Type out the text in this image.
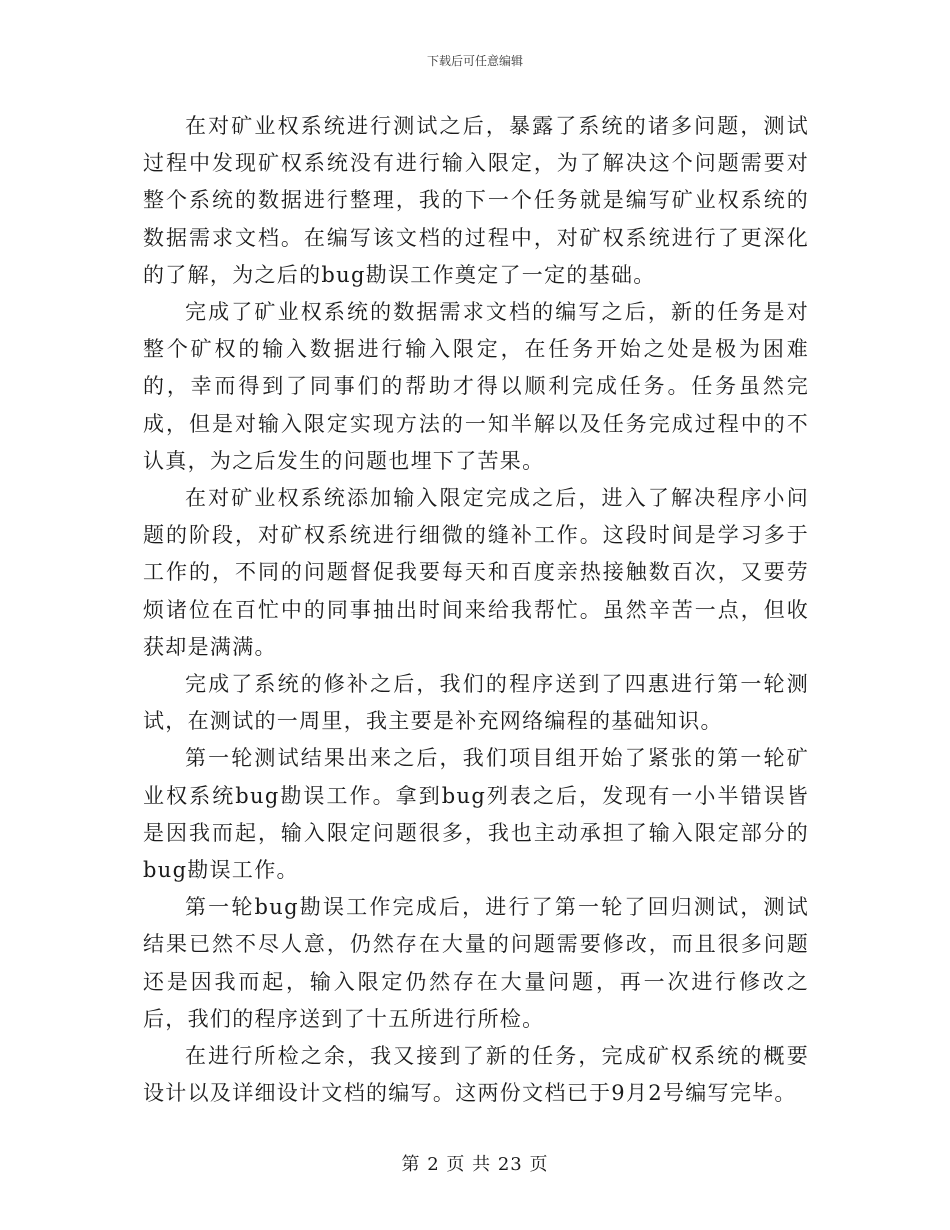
下载后可任意编辑

在对矿业权系统进行测试之后，暴露了系统的诸多问题，测试过程中发现矿权系统没有进行输入限定，为了解决这个问题需要对整个系统的数据进行整理，我的下一个任务就是编写矿业权系统的数据需求文档。在编写该文档的过程中，对矿权系统进行了更深化的了解，为之后的bug勘误工作奠定了一定的基础。

完成了矿业权系统的数据需求文档的编写之后，新的任务是对整个矿权的输入数据进行输入限定，在任务开始之处是极为困难的，幸而得到了同事们的帮助才得以顺利完成任务。任务虽然完成，但是对输入限定实现方法的一知半解以及任务完成过程中的不认真，为之后发生的问题也埋下了苦果。

在对矿业权系统添加输入限定完成之后，进入了解决程序小问题的阶段，对矿权系统进行细微的缝补工作。这段时间是学习多于工作的，不同的问题督促我要每天和百度亲热接触数百次，又要劳烦诸位在百忙中的同事抽出时间来给我帮忙。虽然辛苦一点，但收获却是满满。

完成了系统的修补之后，我们的程序送到了四惠进行第一轮测试，在测试的一周里，我主要是补充网络编程的基础知识。

第一轮测试结果出来之后，我们项目组开始了紧张的第一轮矿业权系统bug勘误工作。拿到bug列表之后，发现有一小半错误皆是因我而起，输入限定问题很多，我也主动承担了输入限定部分的bug勘误工作。

第一轮bug勘误工作完成后，进行了第一轮了回归测试，测试结果已然不尽人意，仍然存在大量的问题需要修改，而且很多问题还是因我而起，输入限定仍然存在大量问题，再一次进行修改之后，我们的程序送到了十五所进行所检。

在进行所检之余，我又接到了新的任务，完成矿权系统的概要设计以及详细设计文档的编写。这两份文档已于9月2号编写完毕。

第 2 页 共 23 页
